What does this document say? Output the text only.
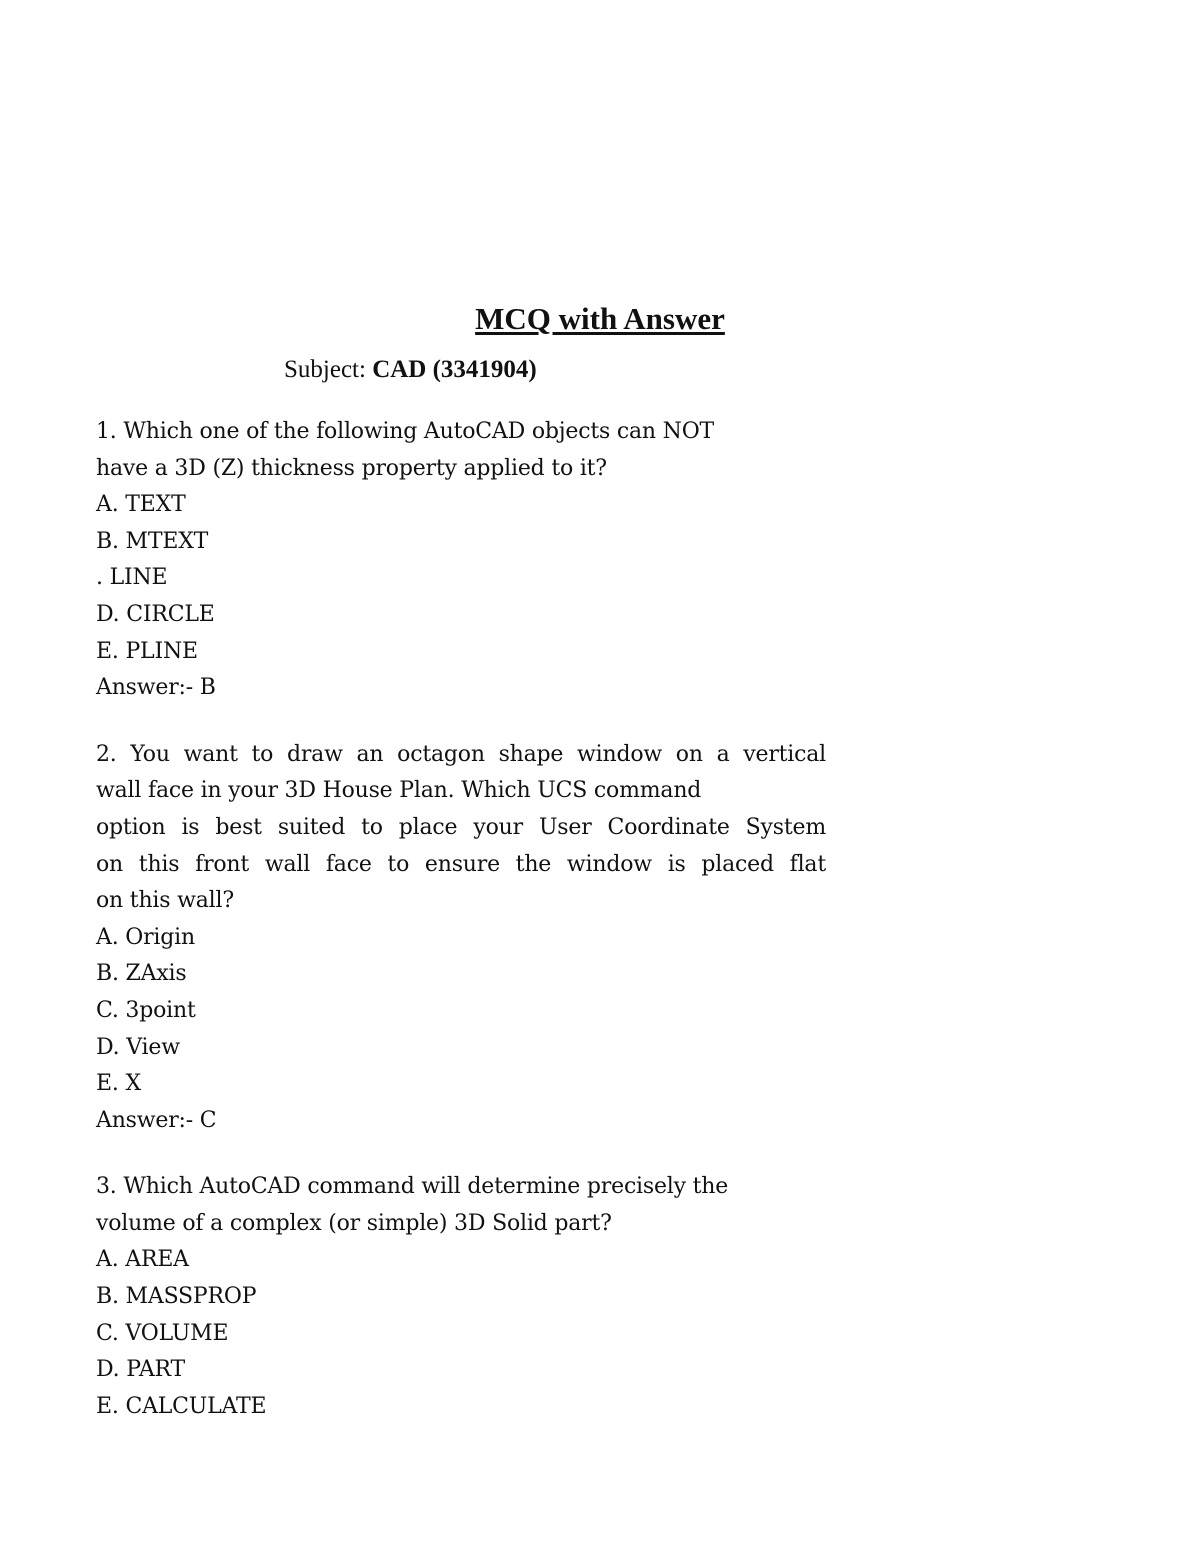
MCQ with Answer
Subject: CAD (3341904)
1. Which one of the following AutoCAD objects can NOT
have a 3D (Z) thickness property applied to it?
A. TEXT
B. MTEXT
. LINE
D. CIRCLE
E. PLINE
Answer:- B
2. You want to draw an octagon shape window on a vertical
wall face in your 3D House Plan. Which UCS command
option is best suited to place your User Coordinate System
on this front wall face to ensure the window is placed flat
on this wall?
A. Origin
B. ZAxis
C. 3point
D. View
E. X
Answer:- C
3. Which AutoCAD command will determine precisely the
volume of a complex (or simple) 3D Solid part?
A. AREA
B. MASSPROP
C. VOLUME
D. PART
E. CALCULATE
